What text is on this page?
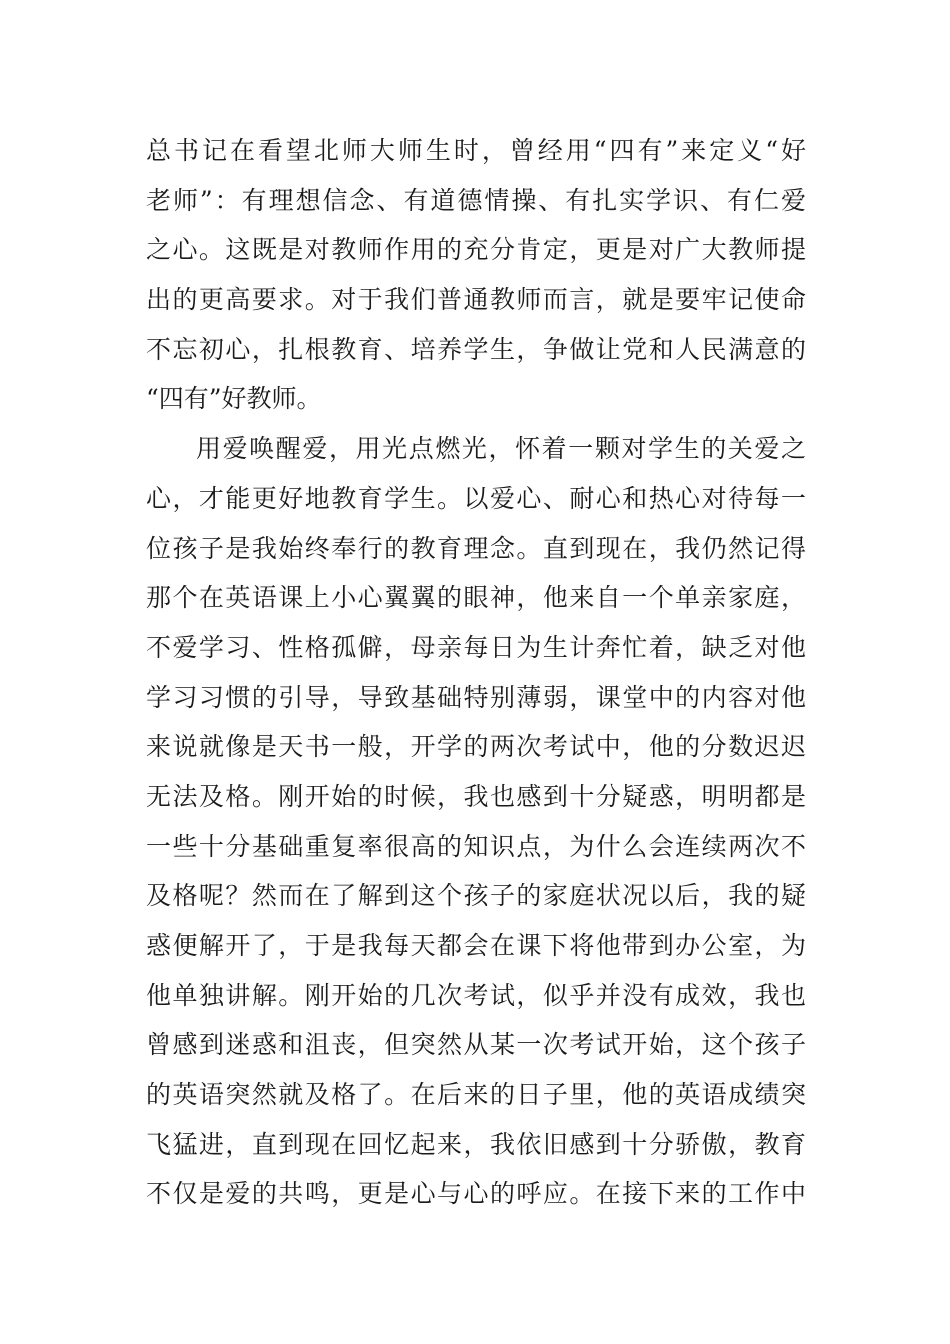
总书记在看望北师大师生时，曾经用“四有”来定义“好
老师”：有理想信念、有道德情操、有扎实学识、有仁爱
之心。这既是对教师作用的充分肯定，更是对广大教师提
出的更高要求。对于我们普通教师而言，就是要牢记使命
不忘初心，扎根教育、培养学生，争做让党和人民满意的
“四有”好教师。
用爱唤醒爱，用光点燃光，怀着一颗对学生的关爱之
心，才能更好地教育学生。以爱心、耐心和热心对待每一
位孩子是我始终奉行的教育理念。直到现在，我仍然记得
那个在英语课上小心翼翼的眼神，他来自一个单亲家庭，
不爱学习、性格孤僻，母亲每日为生计奔忙着，缺乏对他
学习习惯的引导，导致基础特别薄弱，课堂中的内容对他
来说就像是天书一般，开学的两次考试中，他的分数迟迟
无法及格。刚开始的时候，我也感到十分疑惑，明明都是
一些十分基础重复率很高的知识点，为什么会连续两次不
及格呢？然而在了解到这个孩子的家庭状况以后，我的疑
惑便解开了，于是我每天都会在课下将他带到办公室，为
他单独讲解。刚开始的几次考试，似乎并没有成效，我也
曾感到迷惑和沮丧，但突然从某一次考试开始，这个孩子
的英语突然就及格了。在后来的日子里，他的英语成绩突
飞猛进，直到现在回忆起来，我依旧感到十分骄傲，教育
不仅是爱的共鸣，更是心与心的呼应。在接下来的工作中
